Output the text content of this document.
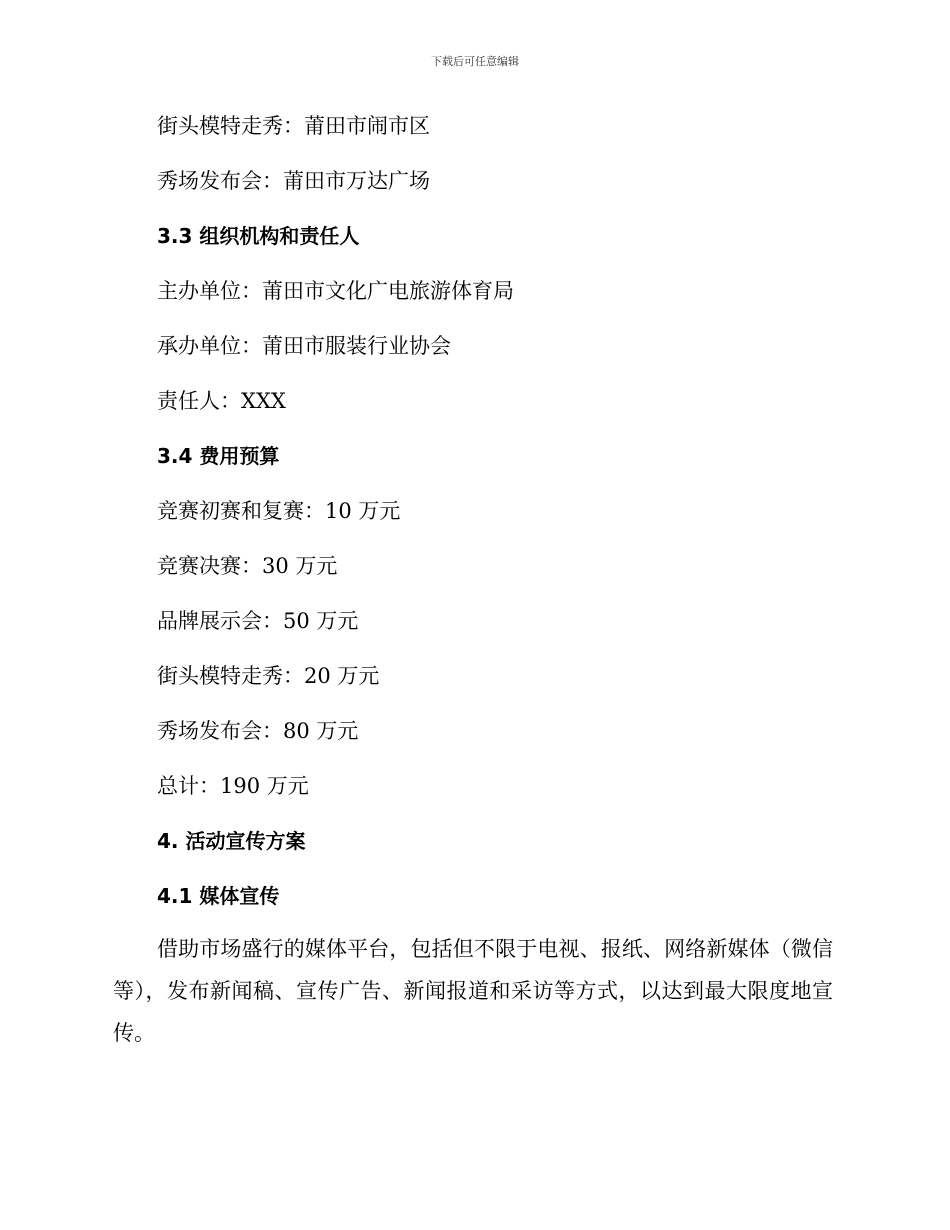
下载后可任意编辑
街头模特走秀：莆田市闹市区
秀场发布会：莆田市万达广场
3.3 组织机构和责任人
主办单位：莆田市文化广电旅游体育局
承办单位：莆田市服装行业协会
责任人：XXX
3.4 费用预算
竞赛初赛和复赛：10 万元
竞赛决赛：30 万元
品牌展示会：50 万元
街头模特走秀：20 万元
秀场发布会：80 万元
总计：190 万元
4. 活动宣传方案
4.1 媒体宣传
借助市场盛行的媒体平台，包括但不限于电视、报纸、网络新媒体（微信等），发布新闻稿、宣传广告、新闻报道和采访等方式，以达到最大限度地宣传。
